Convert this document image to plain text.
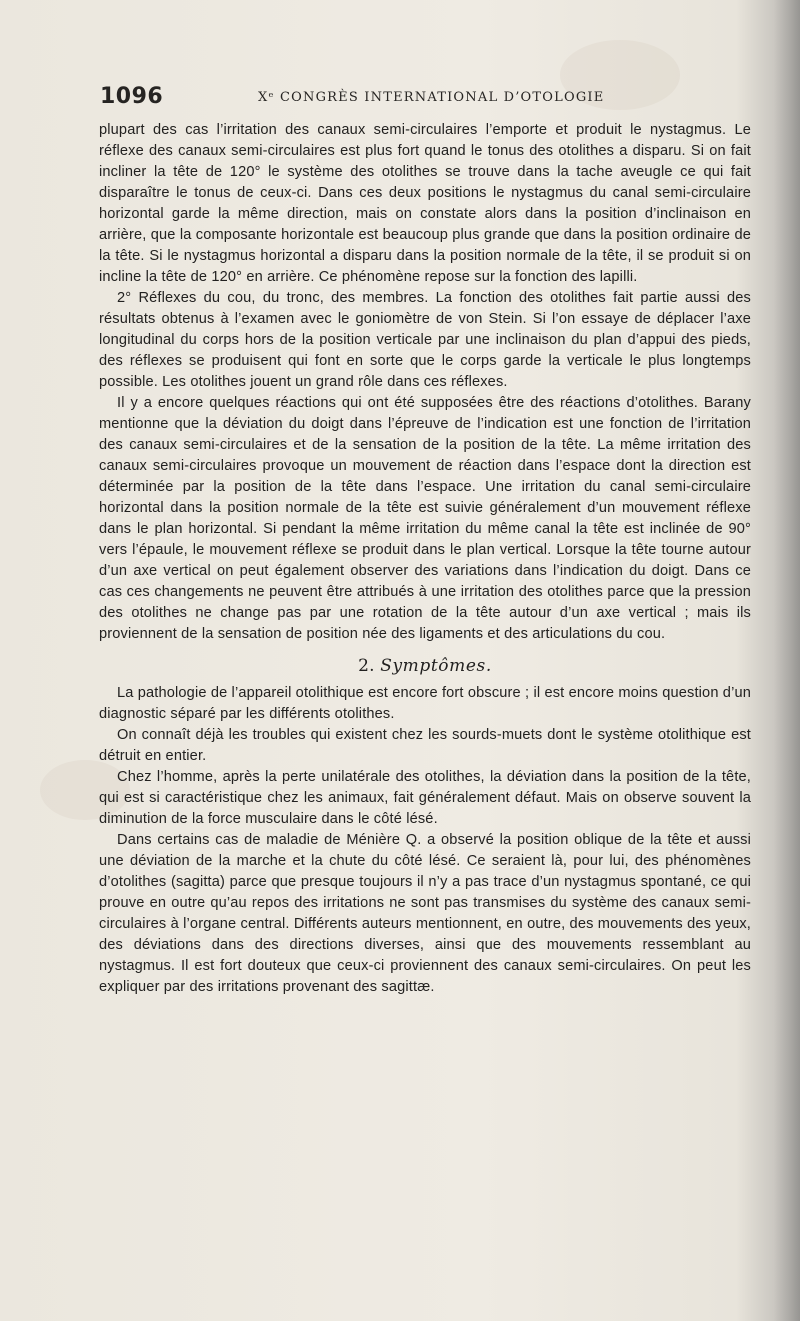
1096	Xᵉ CONGRÈS INTERNATIONAL D’OTOLOGIE

plupart des cas l’irritation des canaux semi-circulaires l’emporte et produit le nystagmus. Le réflexe des canaux semi-circulaires est plus fort quand le tonus des otolithes a disparu. Si on fait incliner la tête de 120° le système des otolithes se trouve dans la tache aveugle ce qui fait disparaître le tonus de ceux-ci. Dans ces deux positions le nystagmus du canal semi-circulaire horizontal garde la même direction, mais on constate alors dans la position d’inclinaison en arrière, que la composante horizontale est beaucoup plus grande que dans la position ordinaire de la tête. Si le nystagmus horizontal a disparu dans la position normale de la tête, il se produit si on incline la tête de 120° en arrière. Ce phénomène repose sur la fonction des lapilli.

2° Réflexes du cou, du tronc, des membres. La fonction des otolithes fait partie aussi des résultats obtenus à l’examen avec le goniomètre de von Stein. Si l’on essaye de déplacer l’axe longitudinal du corps hors de la position verticale par une inclinaison du plan d’appui des pieds, des réflexes se produisent qui font en sorte que le corps garde la verticale le plus longtemps possible. Les otolithes jouent un grand rôle dans ces réflexes.

Il y a encore quelques réactions qui ont été supposées être des réactions d’otolithes. Barany mentionne que la déviation du doigt dans l’épreuve de l’indication est une fonction de l’irritation des canaux semi-circulaires et de la sensation de la position de la tête. La même irritation des canaux semi-circulaires provoque un mouvement de réaction dans l’espace dont la direction est déterminée par la position de la tête dans l’espace. Une irritation du canal semi-circulaire horizontal dans la position normale de la tête est suivie généralement d’un mouvement réflexe dans le plan horizontal. Si pendant la même irritation du même canal la tête est inclinée de 90° vers l’épaule, le mouvement réflexe se produit dans le plan vertical. Lorsque la tête tourne autour d’un axe vertical on peut également observer des variations dans l’indication du doigt. Dans ce cas ces changements ne peuvent être attribués à une irritation des otolithes parce que la pression des otolithes ne change pas par une rotation de la tête autour d’un axe vertical ; mais ils proviennent de la sensation de position née des ligaments et des articulations du cou.

2. Symptômes.

La pathologie de l’appareil otolithique est encore fort obscure ; il est encore moins question d’un diagnostic séparé par les différents otolithes.

On connaît déjà les troubles qui existent chez les sourds-muets dont le système otolithique est détruit en entier.

Chez l’homme, après la perte unilatérale des otolithes, la déviation dans la position de la tête, qui est si caractéristique chez les animaux, fait généralement défaut. Mais on observe souvent la diminution de la force musculaire dans le côté lésé.

Dans certains cas de maladie de Ménière Q. a observé la position oblique de la tête et aussi une déviation de la marche et la chute du côté lésé. Ce seraient là, pour lui, des phénomènes d’otolithes (sagitta) parce que presque toujours il n’y a pas trace d’un nystagmus spontané, ce qui prouve en outre qu’au repos des irritations ne sont pas transmises du système des canaux semi-circulaires à l’organe central. Différents auteurs mentionnent, en outre, des mouvements des yeux, des déviations dans des directions diverses, ainsi que des mouvements ressemblant au nystagmus. Il est fort douteux que ceux-ci proviennent des canaux semi-circulaires. On peut les expliquer par des irritations provenant des sagittæ.
